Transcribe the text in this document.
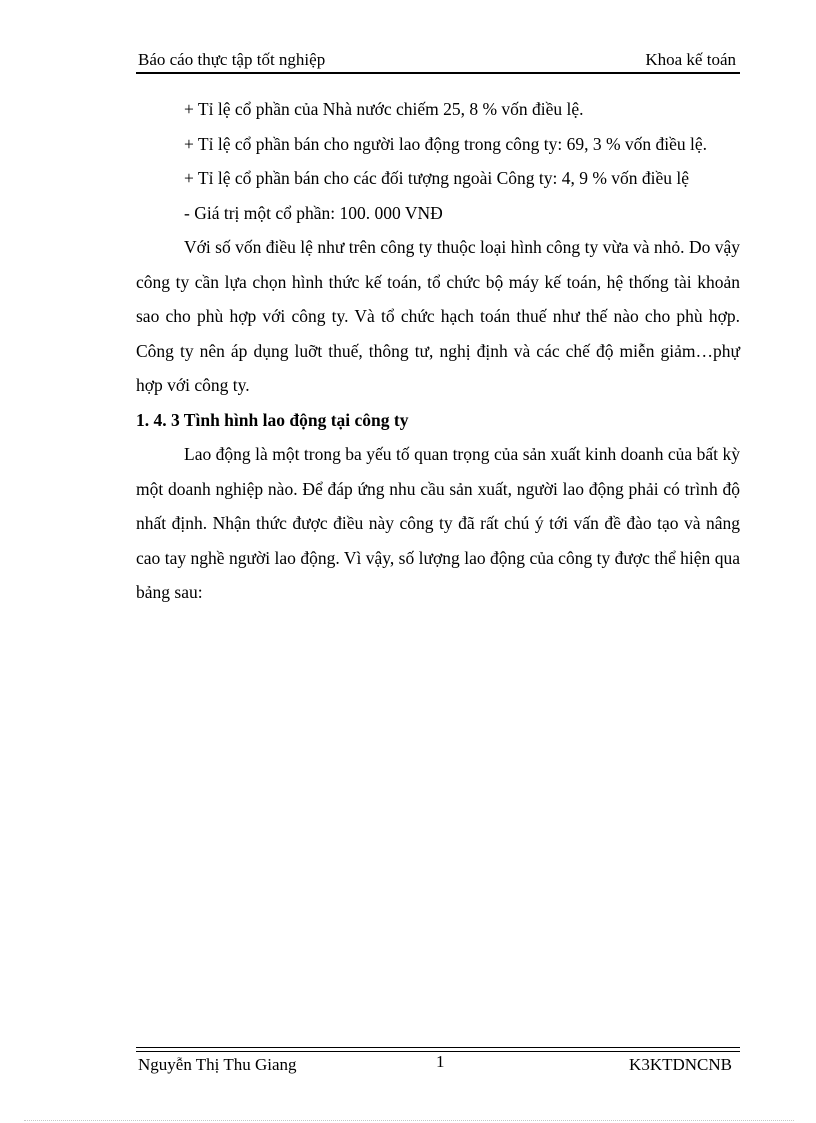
Báo cáo thực tập tốt nghiệp	Khoa kế toán

+ Tỉ lệ cổ phần của Nhà nước chiếm 25, 8 % vốn điều lệ.

+ Tỉ lệ cổ phần bán cho người lao động trong công ty: 69, 3 % vốn điều lệ.

+ Tỉ lệ cổ phần bán cho các đối tượng ngoài Công ty: 4, 9 % vốn điều lệ

- Giá trị một cổ phần: 100. 000 VNĐ

Với số vốn điều lệ như trên công ty thuộc loại hình công ty vừa và nhỏ. Do vậy công ty cần lựa chọn hình thức kế toán, tổ chức bộ máy kế toán, hệ thống tài khoản sao cho phù hợp với công ty. Và tổ chức hạch toán thuế như thế nào cho phù hợp. Công ty nên áp dụng luỡt thuế, thông tư, nghị định và các chế độ miễn giảm…phự hợp với công ty.

1. 4. 3 Tình hình lao động tại công ty

Lao động là một trong ba yếu tố quan trọng của sản xuất kinh doanh của bất kỳ một doanh nghiệp nào. Để đáp ứng nhu cầu sản xuất, người lao động phải có trình độ nhất định. Nhận thức được điều này công ty đã rất chú ý tới vấn đề đào tạo và nâng cao tay nghề người lao động. Vì vậy, số lượng lao động của công ty được thể hiện qua bảng sau:

Nguyễn Thị Thu Giang	1	K3KTDNCNB
